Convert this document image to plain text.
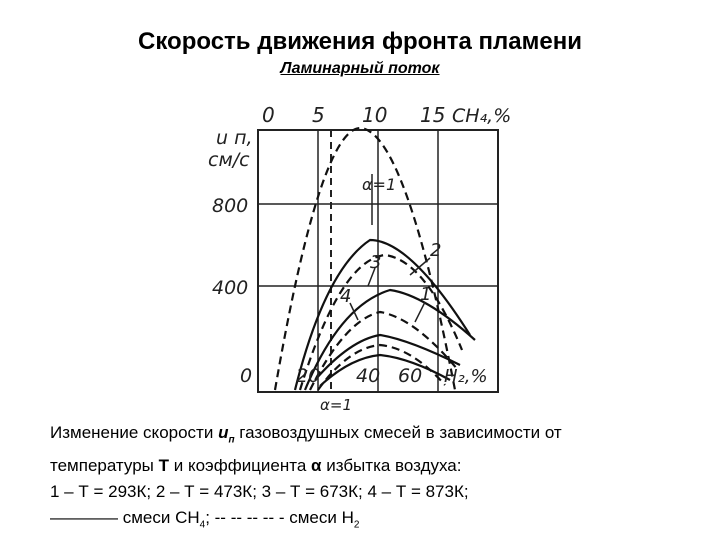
Скорость движения фронта пламени
Ламинарный поток
0 5 10 15 CH₄,%
u п,
см/с
800
400
0 20 40 60 H₂,%
α=1
α=1
1
2
3
4
Изменение скорости $u_п$ газовоздушных смесей в зависимости от
температуры Т и коэффициента α избытка воздуха:
1 – Т = 293К; 2 – Т = 473К; 3 – Т = 673К; 4 – Т = 873К;
———— смеси $СН_4$; -- -- -- -- - смеси $Н_2$
